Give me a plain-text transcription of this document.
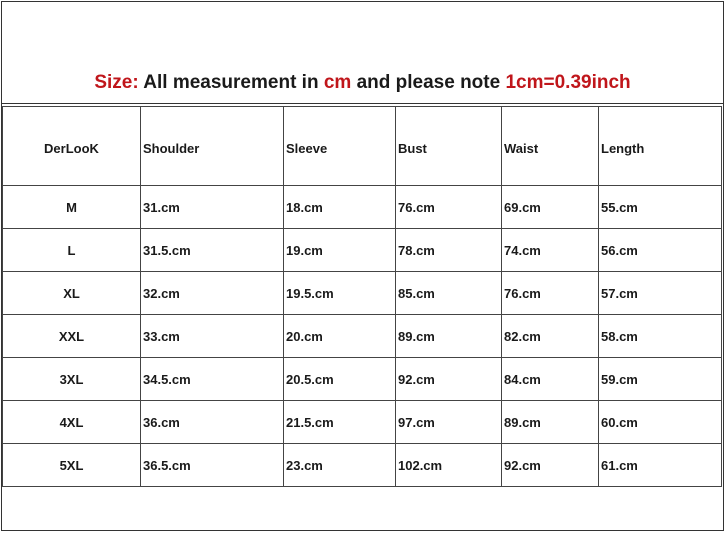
Size: All measurement in cm and please note 1cm=0.39inch
DerLooK	Shoulder	Sleeve	Bust	Waist	Length
M	31.cm	18.cm	76.cm	69.cm	55.cm
L	31.5.cm	19.cm	78.cm	74.cm	56.cm
XL	32.cm	19.5.cm	85.cm	76.cm	57.cm
XXL	33.cm	20.cm	89.cm	82.cm	58.cm
3XL	34.5.cm	20.5.cm	92.cm	84.cm	59.cm
4XL	36.cm	21.5.cm	97.cm	89.cm	60.cm
5XL	36.5.cm	23.cm	102.cm	92.cm	61.cm
